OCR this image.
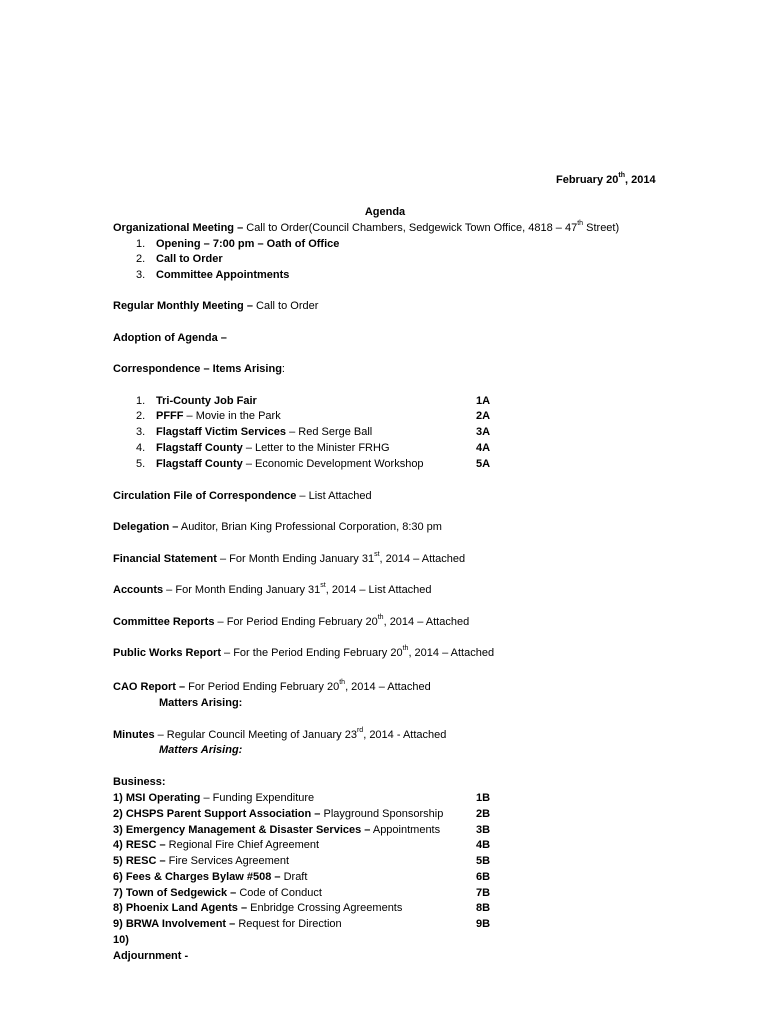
February 20th, 2014
Agenda
Organizational Meeting – Call to Order(Council Chambers, Sedgewick Town Office, 4818 – 47th Street)
1. Opening – 7:00 pm – Oath of Office
2. Call to Order
3. Committee Appointments
Regular Monthly Meeting – Call to Order
Adoption of Agenda –
Correspondence – Items Arising:
1. Tri-County Job Fair	1A
2. PFFF – Movie in the Park	2A
3. Flagstaff Victim Services – Red Serge Ball	3A
4. Flagstaff County – Letter to the Minister FRHG	4A
5. Flagstaff County – Economic Development Workshop	5A
Circulation File of Correspondence – List Attached
Delegation – Auditor, Brian King Professional Corporation, 8:30 pm
Financial Statement – For Month Ending January 31st, 2014 – Attached
Accounts – For Month Ending January 31st, 2014 – List Attached
Committee Reports – For Period Ending February 20th, 2014 – Attached
Public Works Report – For the Period Ending February 20th, 2014 – Attached
CAO Report – For Period Ending February 20th, 2014 – Attached
Matters Arising:
Minutes – Regular Council Meeting of January 23rd, 2014 - Attached
Matters Arising:
Business:
1) MSI Operating – Funding Expenditure	1B
2) CHSPS Parent Support Association – Playground Sponsorship	2B
3) Emergency Management & Disaster Services – Appointments	3B
4) RESC – Regional Fire Chief Agreement	4B
5) RESC – Fire Services Agreement	5B
6) Fees & Charges Bylaw #508 – Draft	6B
7) Town of Sedgewick – Code of Conduct	7B
8) Phoenix Land Agents – Enbridge Crossing Agreements	8B
9) BRWA Involvement – Request for Direction	9B
10)
Adjournment -
